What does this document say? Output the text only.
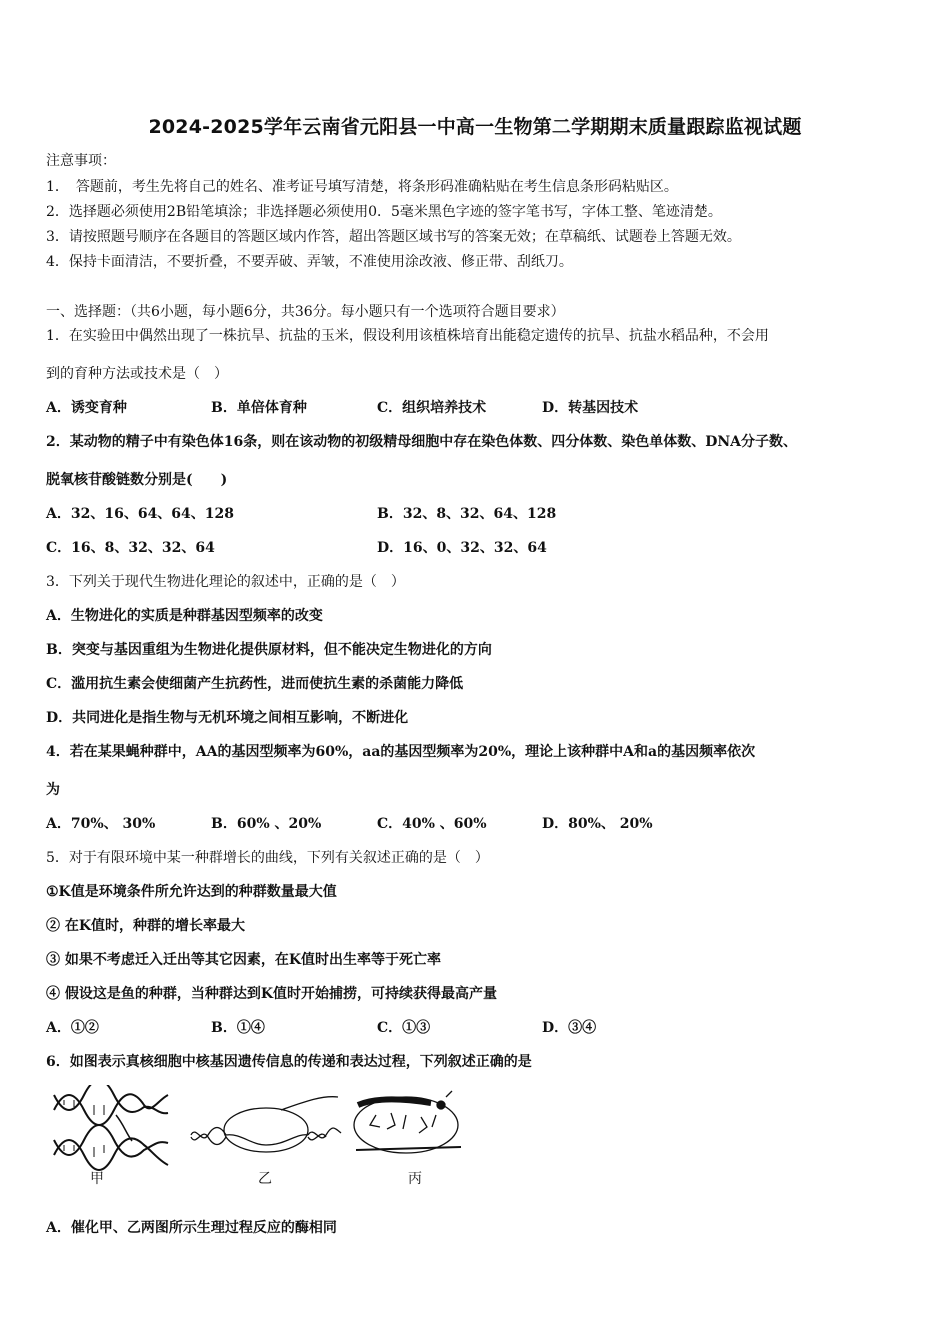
2024-2025学年云南省元阳县一中高一生物第二学期期末质量跟踪监视试题
注意事项：
1．　答题前，考生先将自己的姓名、准考证号填写清楚，将条形码准确粘贴在考生信息条形码粘贴区。
2．选择题必须使用2B铅笔填涂；非选择题必须使用0．5毫米黑色字迹的签字笔书写，字体工整、笔迹清楚。
3．请按照题号顺序在各题目的答题区域内作答，超出答题区域书写的答案无效；在草稿纸、试题卷上答题无效。
4．保持卡面清洁，不要折叠，不要弄破、弄皱，不准使用涂改液、修正带、刮纸刀。
一、选择题：（共6小题，每小题6分，共36分。每小题只有一个选项符合题目要求）
1．在实验田中偶然出现了一株抗旱、抗盐的玉米，假设利用该植株培育出能稳定遗传的抗旱、抗盐水稻品种，不会用
到的育种方法或技术是（　）
A．诱变育种	B．单倍体育种	C．组织培养技术	D．转基因技术
2．某动物的精子中有染色体16条，则在该动物的初级精母细胞中存在染色体数、四分体数、染色单体数、DNA分子数、
脱氧核苷酸链数分别是(　　)
A．32、16、64、64、128	B．32、8、32、64、128
C．16、8、32、32、64	D．16、0、32、32、64
3．下列关于现代生物进化理论的叙述中，正确的是（　）
A．生物进化的实质是种群基因型频率的改变
B．突变与基因重组为生物进化提供原材料，但不能决定生物进化的方向
C．滥用抗生素会使细菌产生抗药性，进而使抗生素的杀菌能力降低
D．共同进化是指生物与无机环境之间相互影响，不断进化
4．若在某果蝇种群中，AA的基因型频率为60%，aa的基因型频率为20%，理论上该种群中A和a的基因频率依次
为
A．70%、 30%	B．60% 、20%	C．40% 、60%	D．80%、 20%
5．对于有限环境中某一种群增长的曲线，下列有关叙述正确的是（　）
①K值是环境条件所允许达到的种群数量最大值
② 在K值时，种群的增长率最大
③ 如果不考虑迁入迁出等其它因素，在K值时出生率等于死亡率
④ 假设这是鱼的种群，当种群达到K值时开始捕捞，可持续获得最高产量
A．①②	B．①④	C．①③	D．③④
6．如图表示真核细胞中核基因遗传信息的传递和表达过程，下列叙述正确的是
甲	乙	丙
A．催化甲、乙两图所示生理过程反应的酶相同
